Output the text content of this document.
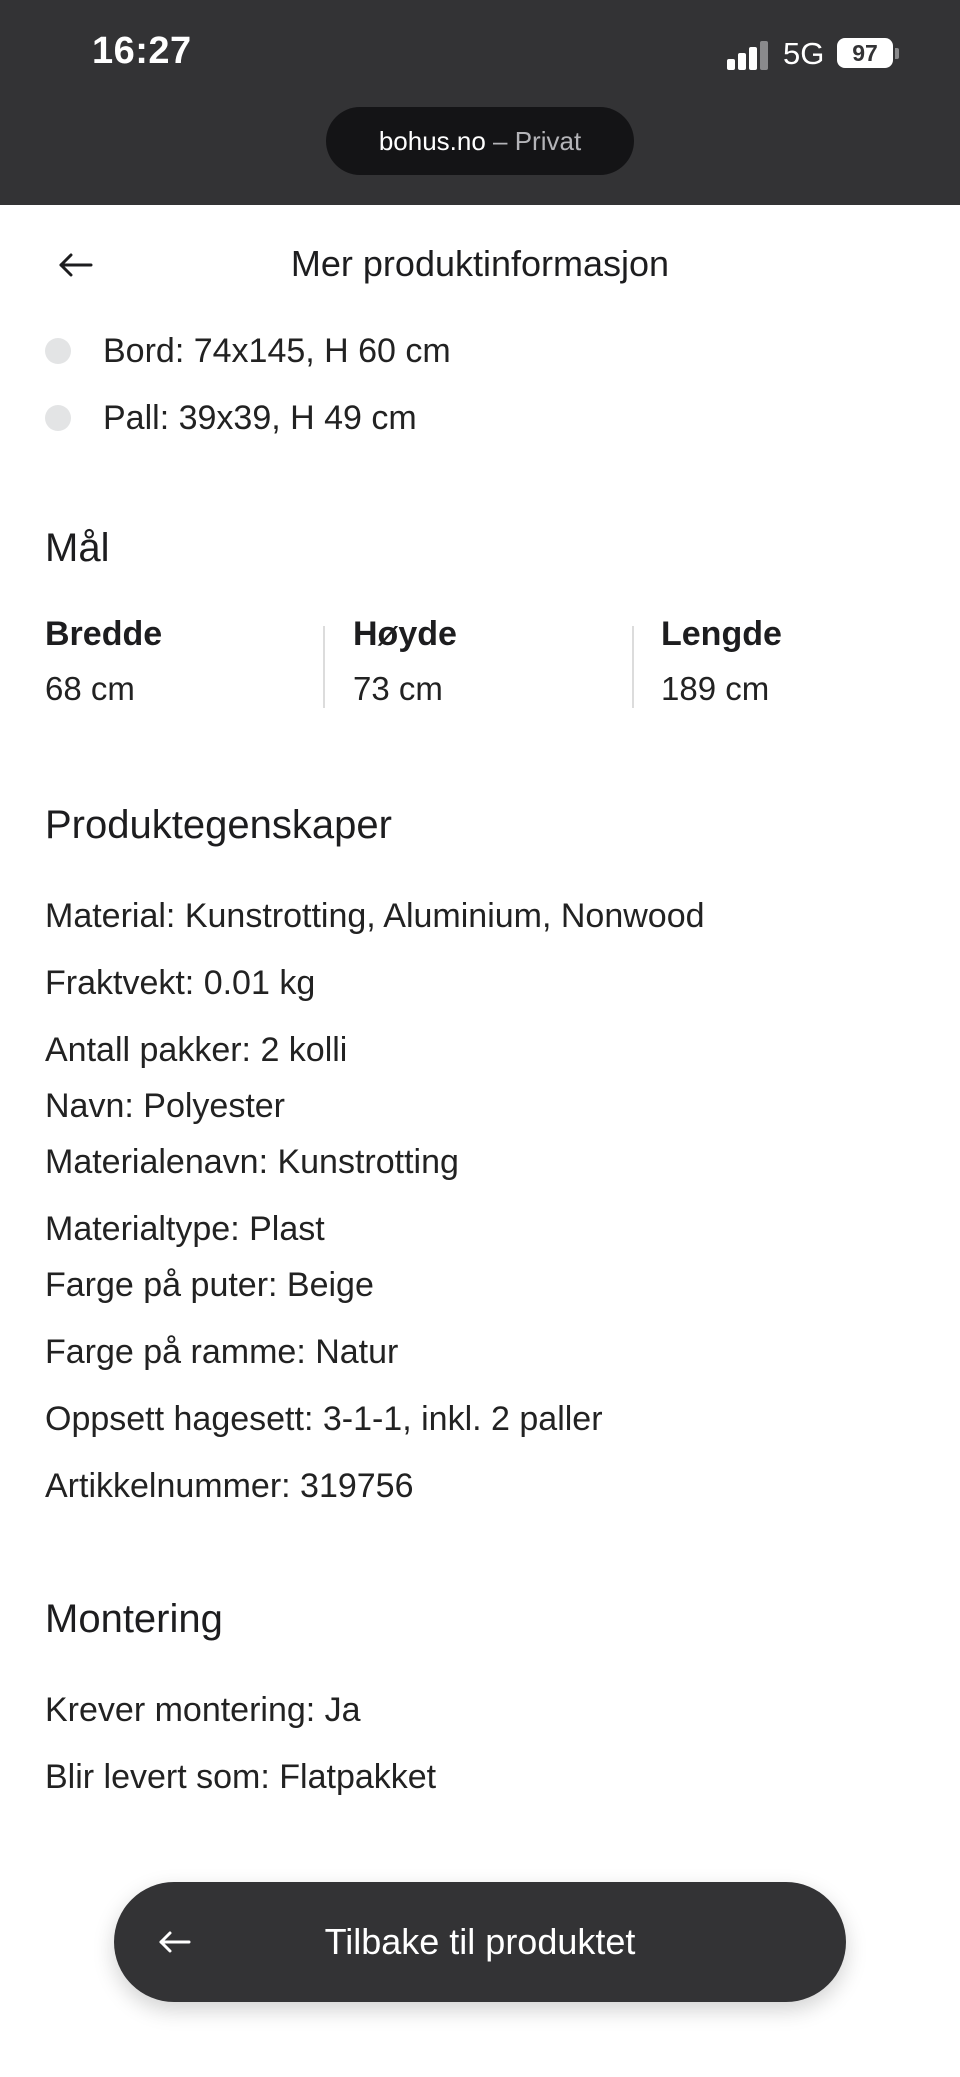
16:27	5G	97
bohus.no – Privat
Mer produktinformasjon
Bord: 74x145, H 60 cm
Pall: 39x39, H 49 cm
Mål
Bredde
68 cm
Høyde
73 cm
Lengde
189 cm
Produktegenskaper
Material: Kunstrotting, Aluminium, Nonwood
Fraktvekt: 0.01 kg
Antall pakker: 2 kolli
Navn: Polyester
Materialenavn: Kunstrotting
Materialtype: Plast
Farge på puter: Beige
Farge på ramme: Natur
Oppsett hagesett: 3-1-1, inkl. 2 paller
Artikkelnummer: 319756
Montering
Krever montering: Ja
Blir levert som: Flatpakket
Tilbake til produktet
